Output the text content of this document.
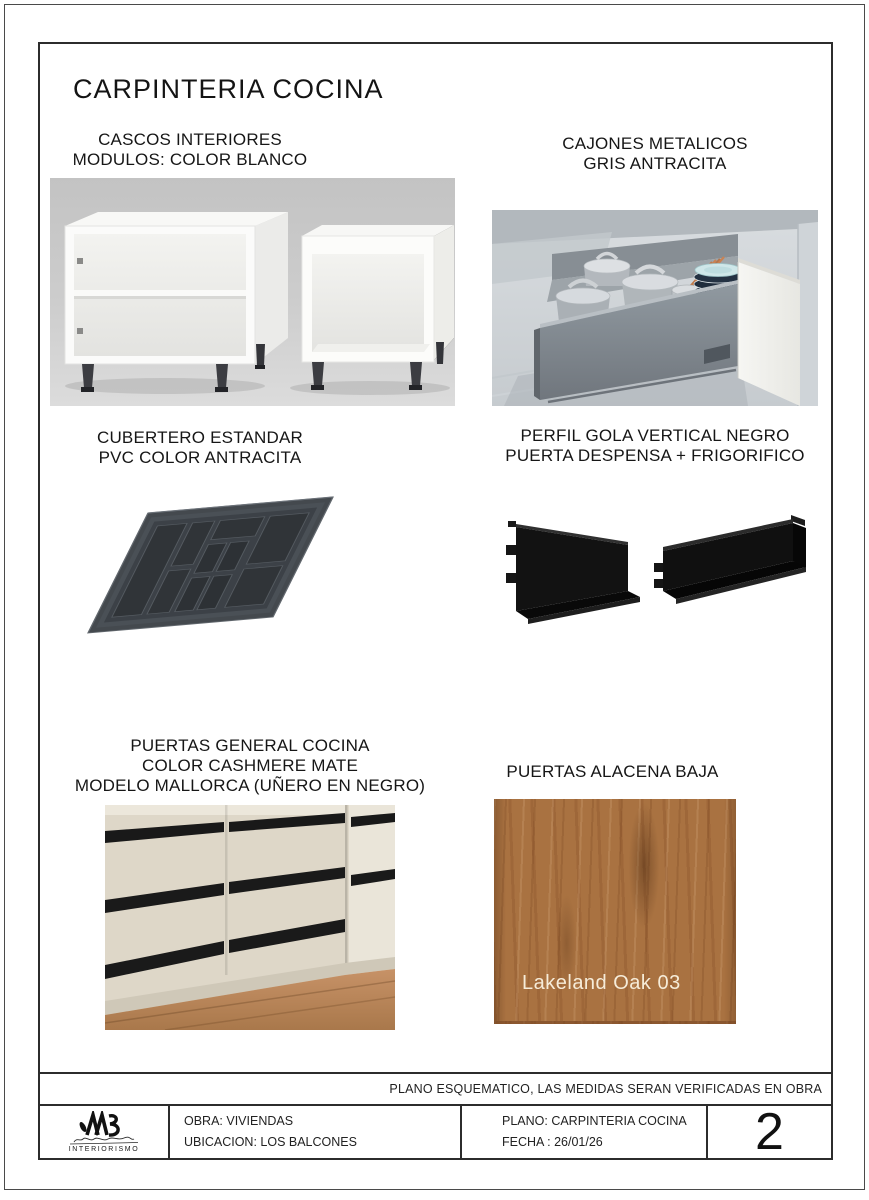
CARPINTERIA COCINA
CASCOS INTERIORES
MODULOS: COLOR BLANCO
CAJONES METALICOS
GRIS ANTRACITA
CUBERTERO ESTANDAR
PVC COLOR ANTRACITA
PERFIL GOLA VERTICAL NEGRO
PUERTA DESPENSA + FRIGORIFICO
PUERTAS GENERAL COCINA
COLOR CASHMERE MATE
MODELO MALLORCA (UÑERO EN NEGRO)
PUERTAS ALACENA BAJA
Lakeland Oak 03
PLANO ESQUEMATICO, LAS MEDIDAS SERAN VERIFICADAS EN OBRA
INTERIORISMO
OBRA: VIVIENDAS
UBICACION: LOS BALCONES
PLANO: CARPINTERIA COCINA
FECHA : 26/01/26	2
